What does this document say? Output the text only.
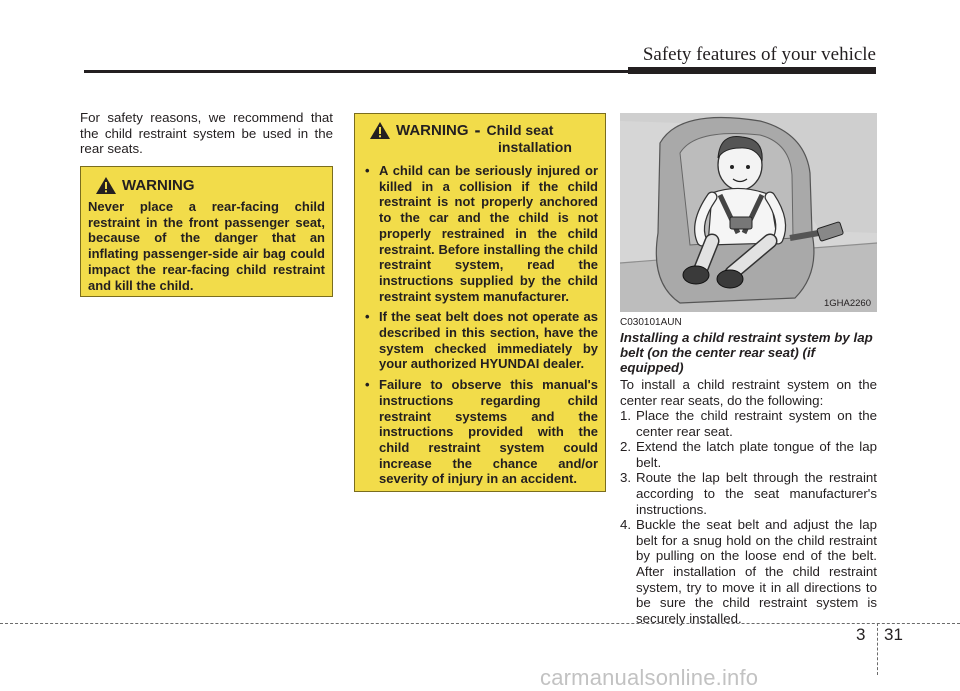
Safety features of your vehicle
For safety reasons, we recommend that the child restraint system be used in the rear seats.
WARNING
Never place a rear-facing child restraint in the front passenger seat, because of the danger that an inflating passenger-side air bag could impact the rear-facing child restraint and kill the child.
WARNING - Child seat
installation
• A child can be seriously injured or killed in a collision if the child restraint is not properly anchored to the car and the child is not properly restrained in the child restraint. Before installing the child restraint system, read the instructions supplied by the child restraint system manufacturer.
• If the seat belt does not operate as described in this section, have the system checked immediately by your authorized HYUNDAI dealer.
• Failure to observe this manual's instructions regarding child restraint systems and the instructions provided with the child restraint system could increase the chance and/or severity of injury in an accident.
1GHA2260
C030101AUN
Installing a child restraint system by lap belt (on the center rear seat) (if equipped)
To install a child restraint system on the center rear seats, do the following:
1. Place the child restraint system on the center rear seat.
2. Extend the latch plate tongue of the lap belt.
3. Route the lap belt through the restraint according to the seat manufacturer's instructions.
4. Buckle the seat belt and adjust the lap belt for a snug hold on the child restraint by pulling on the loose end of the belt. After installation of the child restraint system, try to move it in all directions to be sure the child restraint system is securely installed.
3 31
carmanualsonline.info
